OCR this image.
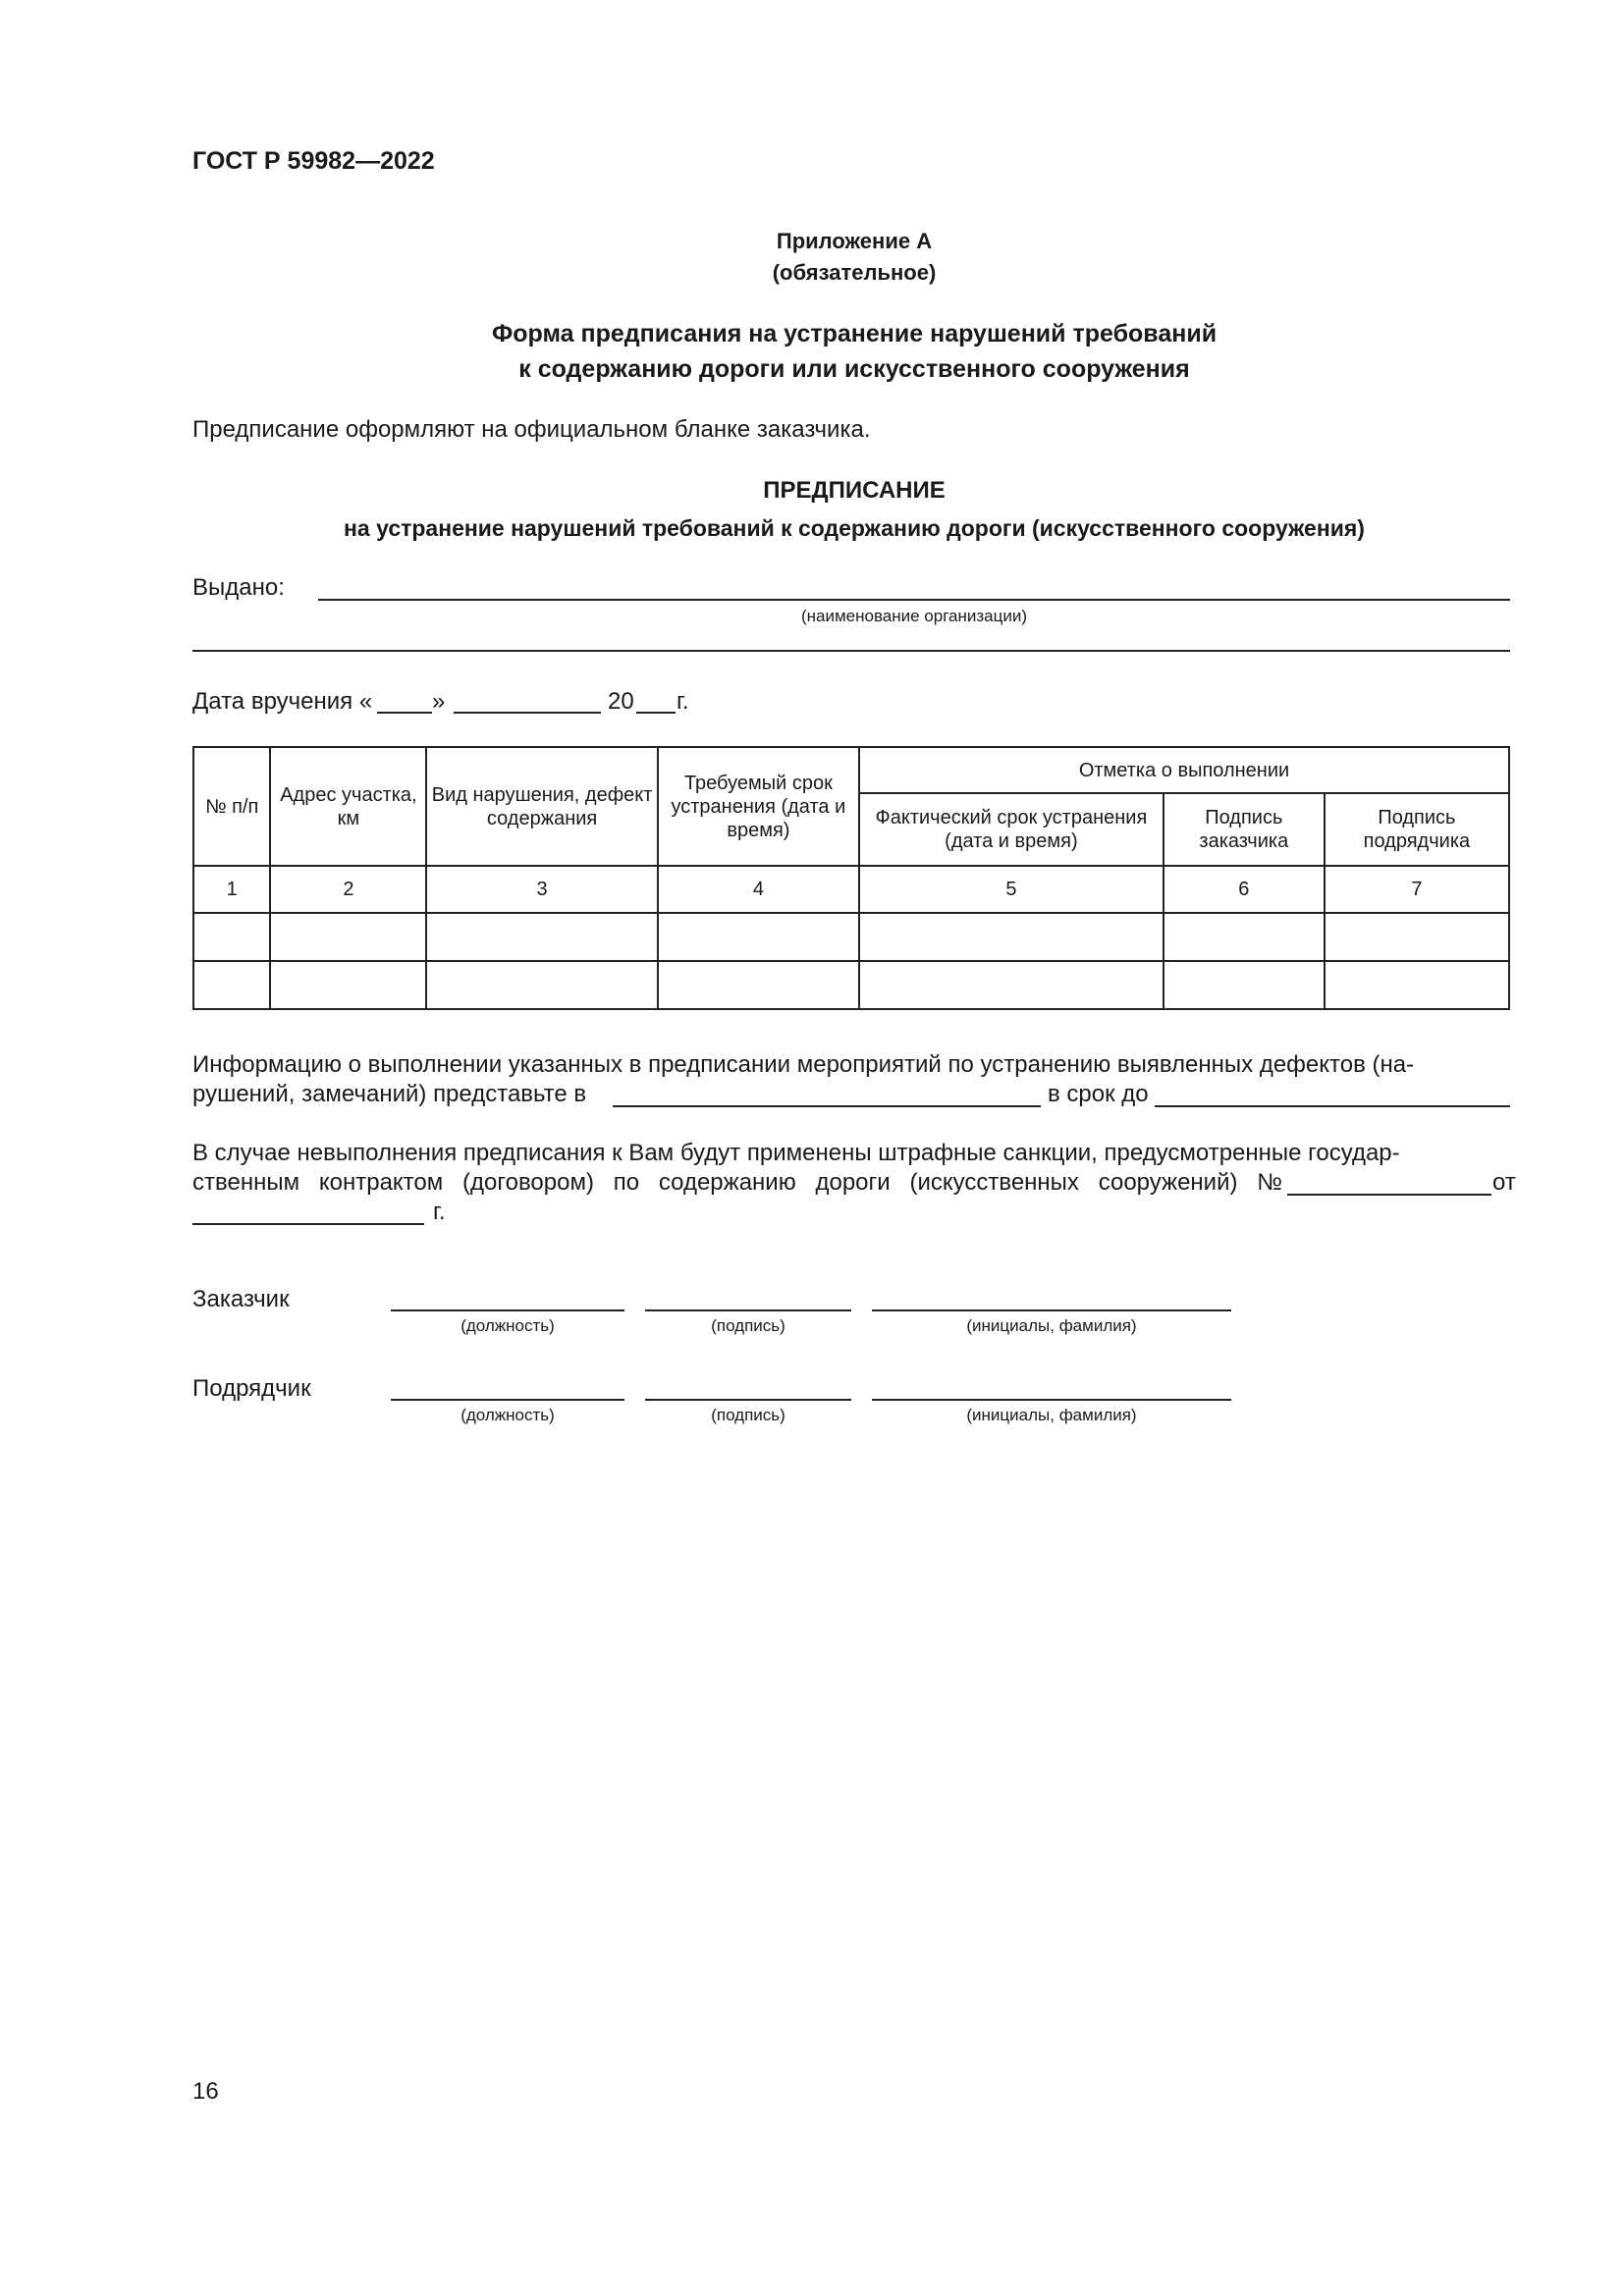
ГОСТ Р 59982—2022
Приложение А
(обязательное)
Форма предписания на устранение нарушений требований
к содержанию дороги или искусственного сооружения
Предписание оформляют на официальном бланке заказчика.
ПРЕДПИСАНИЕ
на устранение нарушений требований к содержанию дороги (искусственного сооружения)
Выдано:
(наименование организации)
Дата вручения «	»	20 г.
№ п/п	Адрес участка, км	Вид нарушения, дефект содержания	Требуемый срок устранения (дата и время)	Отметка о выполнении		
				Фактический срок устранения (дата и время)	Подпись заказчика	Подпись подрядчика
1	2	3	4	5	6	7

Информацию о выполнении указанных в предписании мероприятий по устранению выявленных дефектов (на-
рушений, замечаний) представьте в	в срок до
В случае невыполнения предписания к Вам будут применены штрафные санкции, предусмотренные государ-
ственным контрактом (договором) по содержанию дороги (искусственных сооружений) №	от
г.
Заказчик
(должность)	(подпись)	(инициалы, фамилия)
Подрядчик
(должность)	(подпись)	(инициалы, фамилия)
16
